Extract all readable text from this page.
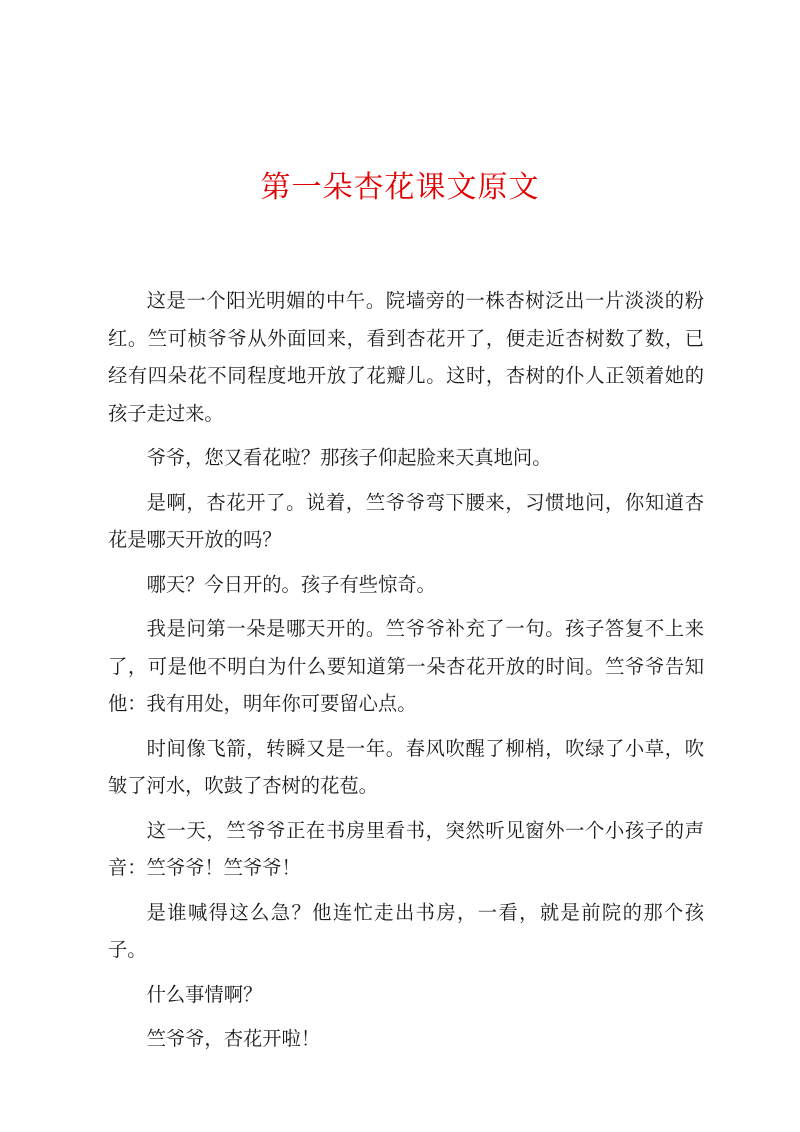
第一朵杏花课文原文

这是一个阳光明媚的中午。院墙旁的一株杏树泛出一片淡淡的粉红。竺可桢爷爷从外面回来，看到杏花开了，便走近杏树数了数，已经有四朵花不同程度地开放了花瓣儿。这时，杏树的仆人正领着她的孩子走过来。

爷爷，您又看花啦？那孩子仰起脸来天真地问。

是啊，杏花开了。说着，竺爷爷弯下腰来，习惯地问，你知道杏花是哪天开放的吗？

哪天？今日开的。孩子有些惊奇。

我是问第一朵是哪天开的。竺爷爷补充了一句。孩子答复不上来了，可是他不明白为什么要知道第一朵杏花开放的时间。竺爷爷告知他：我有用处，明年你可要留心点。

时间像飞箭，转瞬又是一年。春风吹醒了柳梢，吹绿了小草，吹皱了河水，吹鼓了杏树的花苞。

这一天，竺爷爷正在书房里看书，突然听见窗外一个小孩子的声音：竺爷爷！竺爷爷！

是谁喊得这么急？他连忙走出书房，一看，就是前院的那个孩子。

什么事情啊？

竺爷爷，杏花开啦！
